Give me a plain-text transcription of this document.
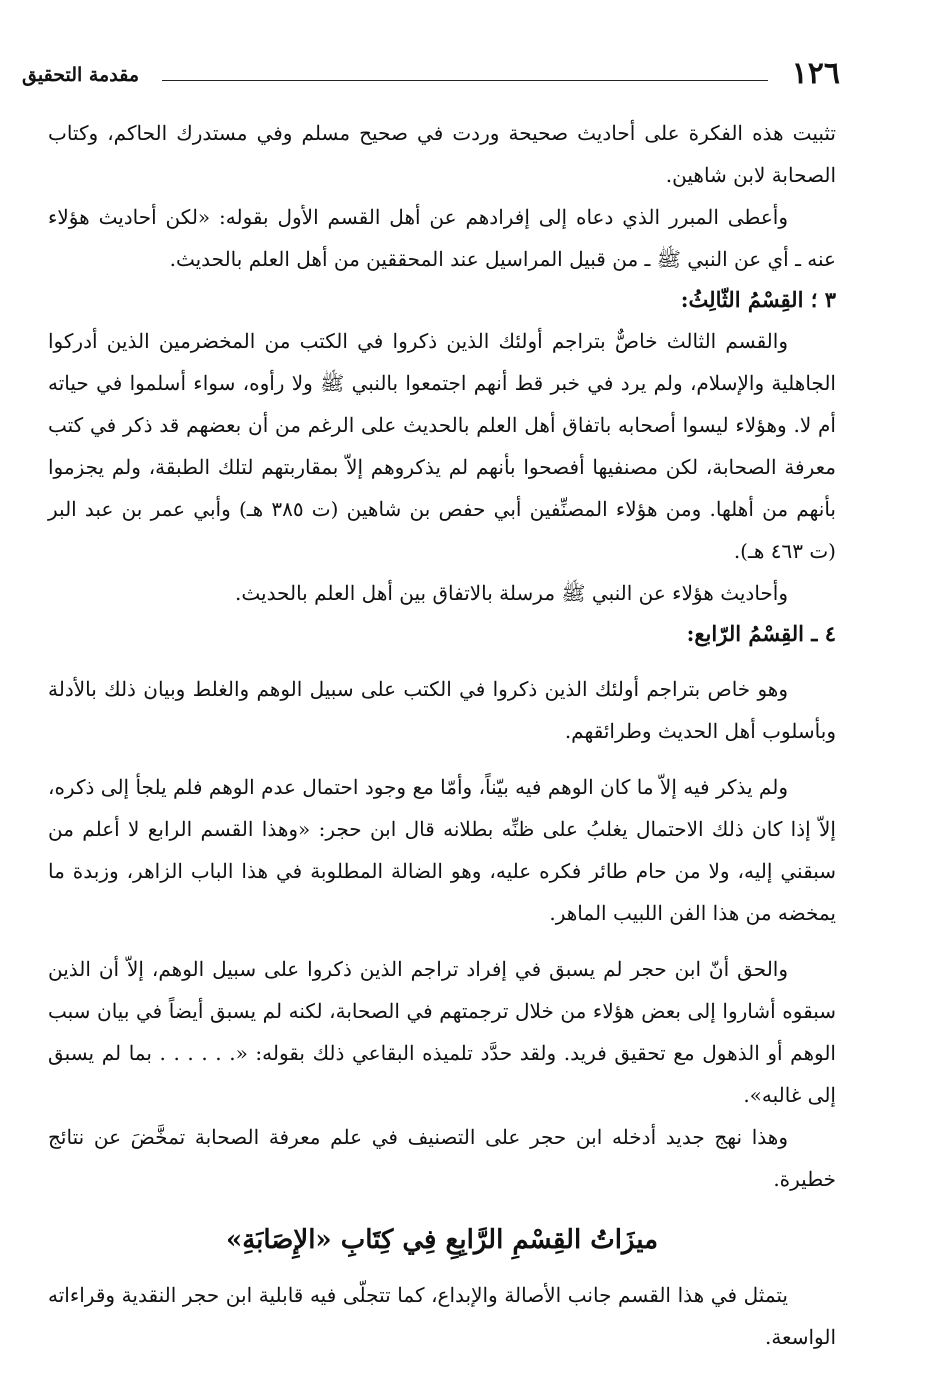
١٢٦
مقدمة التحقيق

تثبيت هذه الفكرة على أحاديث صحيحة وردت في صحيح مسلم وفي مستدرك الحاكم، وكتاب الصحابة لابن شاهين.

وأعطى المبرر الذي دعاه إلى إفرادهم عن أهل القسم الأول بقوله: «لكن أحاديث هؤلاء عنه ـ أي عن النبي ﷺ ـ من قبيل المراسيل عند المحققين من أهل العلم بالحديث.

٣ ؛ القِسْمُ الثّالِثُ:

والقسم الثالث خاصٌّ بتراجم أولئك الذين ذكروا في الكتب من المخضرمين الذين أدركوا الجاهلية والإسلام، ولم يرد في خبر قط أنهم اجتمعوا بالنبي ﷺ ولا رأوه، سواء أسلموا في حياته أم لا. وهؤلاء ليسوا أصحابه باتفاق أهل العلم بالحديث على الرغم من أن بعضهم قد ذكر في كتب معرفة الصحابة، لكن مصنفيها أفصحوا بأنهم لم يذكروهم إلاّ بمقاربتهم لتلك الطبقة، ولم يجزموا بأنهم من أهلها. ومن هؤلاء المصنِّفين أبي حفص بن شاهين (ت ٣٨٥ هـ) وأبي عمر بن عبد البر (ت ٤٦٣ هـ).

وأحاديث هؤلاء عن النبي ﷺ مرسلة بالاتفاق بين أهل العلم بالحديث.

٤ ـ القِسْمُ الرّابع:

وهو خاص بتراجم أولئك الذين ذكروا في الكتب على سبيل الوهم والغلط وبيان ذلك بالأدلة وبأسلوب أهل الحديث وطرائقهم.

ولم يذكر فيه إلاّ ما كان الوهم فيه بيّناً، وأمّا مع وجود احتمال عدم الوهم فلم يلجأ إلى ذكره، إلاّ إذا كان ذلك الاحتمال يغلبُ على ظنِّه بطلانه قال ابن حجر: «وهذا القسم الرابع لا أعلم من سبقني إليه، ولا من حام طائر فكره عليه، وهو الضالة المطلوبة في هذا الباب الزاهر، وزبدة ما يمخضه من هذا الفن اللبيب الماهر.

والحق أنّ ابن حجر لم يسبق في إفراد تراجم الذين ذكروا على سبيل الوهم، إلاّ أن الذين سبقوه أشاروا إلى بعض هؤلاء من خلال ترجمتهم في الصحابة، لكنه لم يسبق أيضاً في بيان سبب الوهم أو الذهول مع تحقيق فريد. ولقد حدَّد تلميذه البقاعي ذلك بقوله: «. . . . . . بما لم يسبق إلى غالبه».

وهذا نهج جديد أدخله ابن حجر على التصنيف في علم معرفة الصحابة تمخَّضَ عن نتائج خطيرة.

ميزَاتُ القِسْمِ الرَّابِعِ فِي كِتَابِ «الإِصَابَةِ»

يتمثل في هذا القسم جانب الأصالة والإبداع، كما تتجلّى فيه قابلية ابن حجر النقدية وقراءاته الواسعة.
